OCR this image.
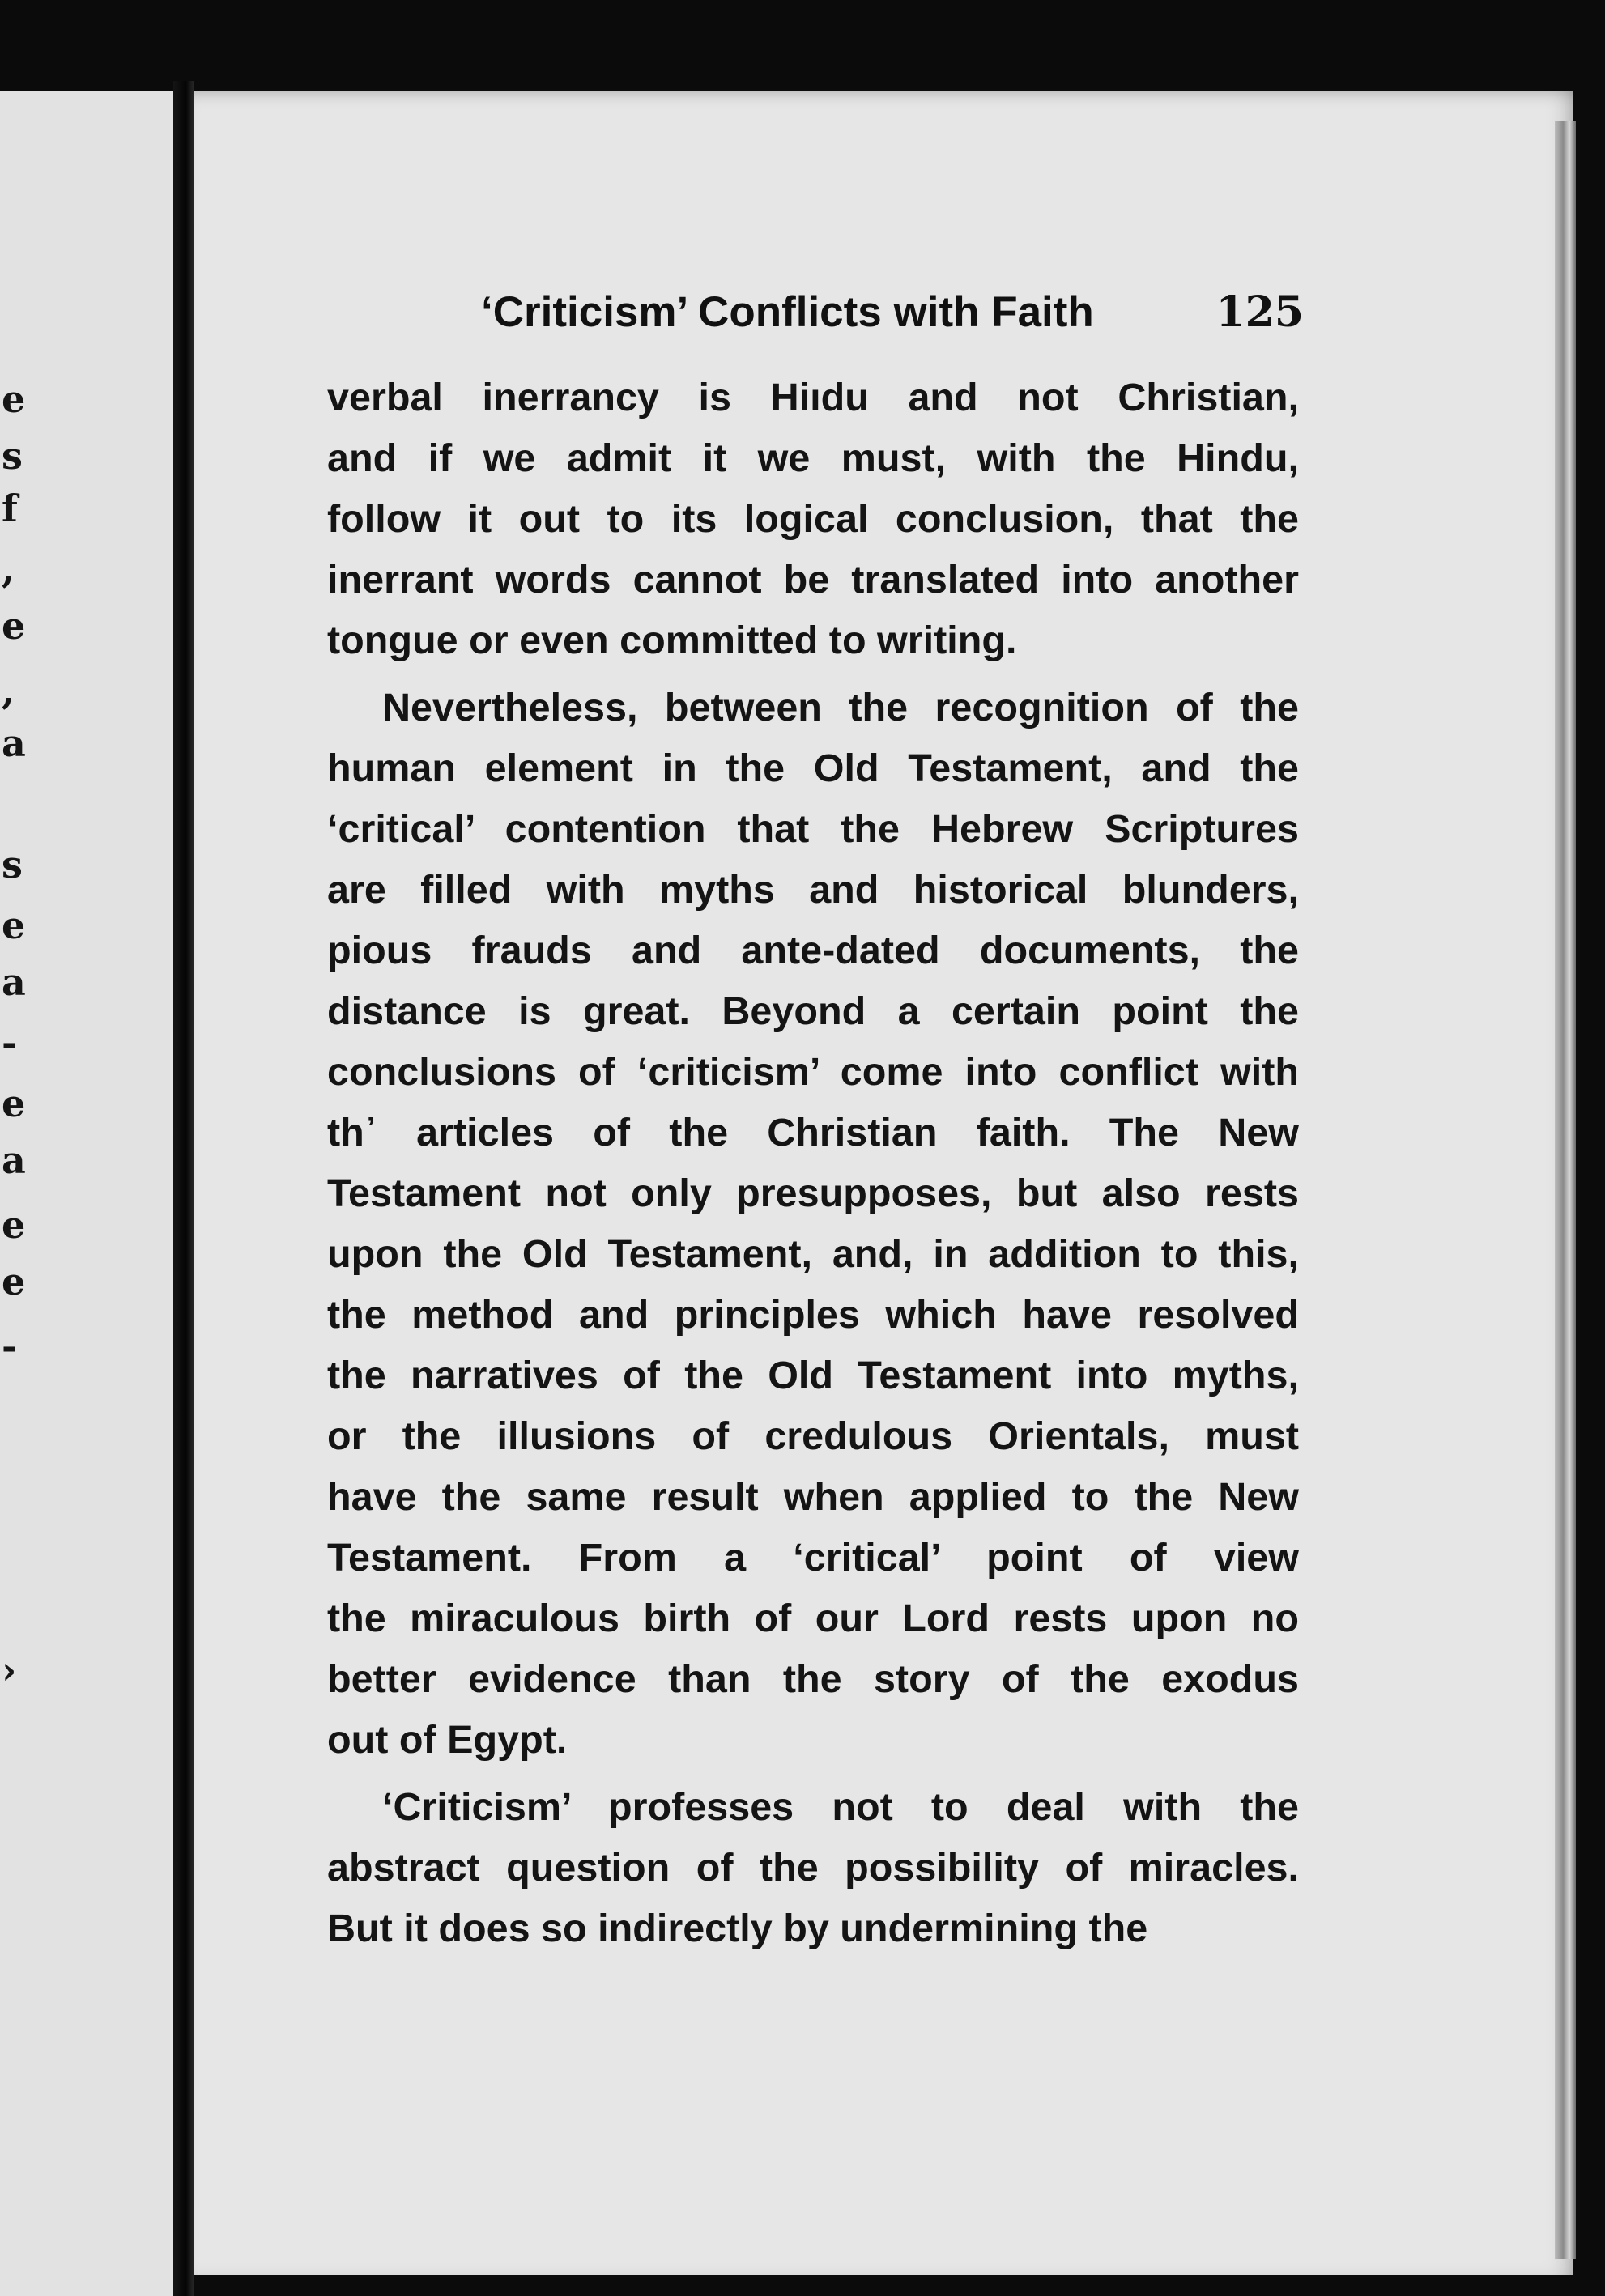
e
s
f
,
e
,
a
s
e
a
-
e
a
e
e
-
›
‘Criticism’ Conflicts with Faith	125
verbal inerrancy is Hiıdu and not Christian,
and if we admit it we must, with the Hindu,
follow it out to its logical conclusion, that the
inerrant words cannot be translated into another
tongue or even committed to writing.
Nevertheless, between the recognition of the
human element in the Old Testament, and the
‘critical’ contention that the Hebrew Scriptures
are filled with myths and historical blunders,
pious frauds and ante-dated documents, the
distance is great. Beyond a certain point the
conclusions of ‘criticism’ come into conflict with
th᾽ articles of the Christian faith. The New
Testament not only presupposes, but also rests
upon the Old Testament, and, in addition to this,
the method and principles which have resolved
the narratives of the Old Testament into myths,
or the illusions of credulous Orientals, must
have the same result when applied to the New
Testament. From a ‘critical’ point of view
the miraculous birth of our Lord rests upon no
better evidence than the story of the exodus
out of Egypt.
‘Criticism’ professes not to deal with the
abstract question of the possibility of miracles.
But it does so indirectly by undermining the
